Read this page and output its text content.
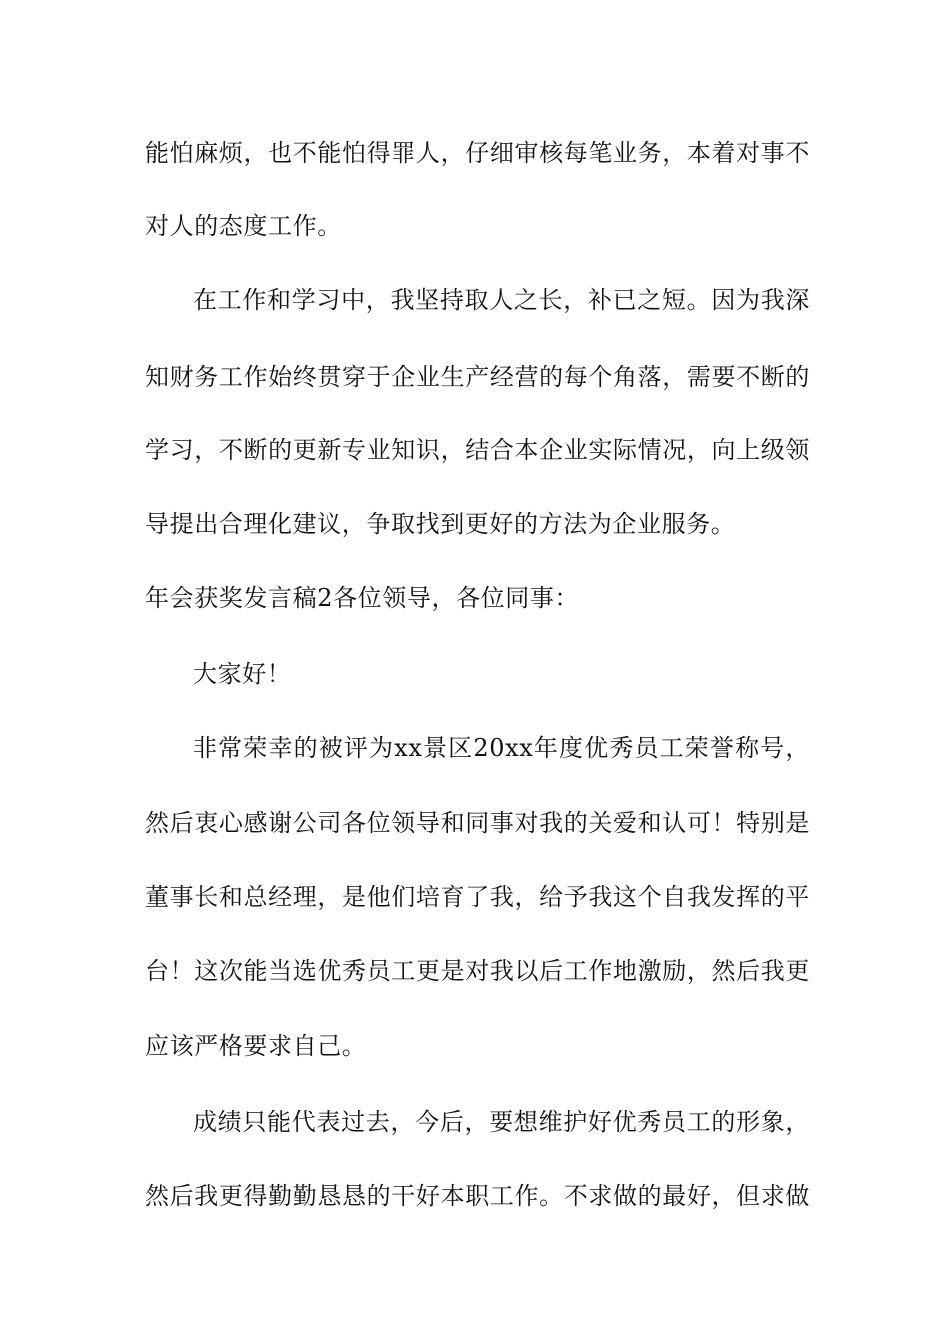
能怕麻烦，也不能怕得罪人，仔细审核每笔业务，本着对事不

对人的态度工作。

在工作和学习中，我坚持取人之长，补已之短。因为我深

知财务工作始终贯穿于企业生产经营的每个角落，需要不断的

学习，不断的更新专业知识，结合本企业实际情况，向上级领

导提出合理化建议，争取找到更好的方法为企业服务。

年会获奖发言稿2各位领导，各位同事：

大家好！

非常荣幸的被评为xx景区20xx年度优秀员工荣誉称号，

然后衷心感谢公司各位领导和同事对我的关爱和认可！特别是

董事长和总经理，是他们培育了我，给予我这个自我发挥的平

台！这次能当选优秀员工更是对我以后工作地激励，然后我更

应该严格要求自己。

成绩只能代表过去，今后，要想维护好优秀员工的形象，

然后我更得勤勤恳恳的干好本职工作。不求做的最好，但求做
